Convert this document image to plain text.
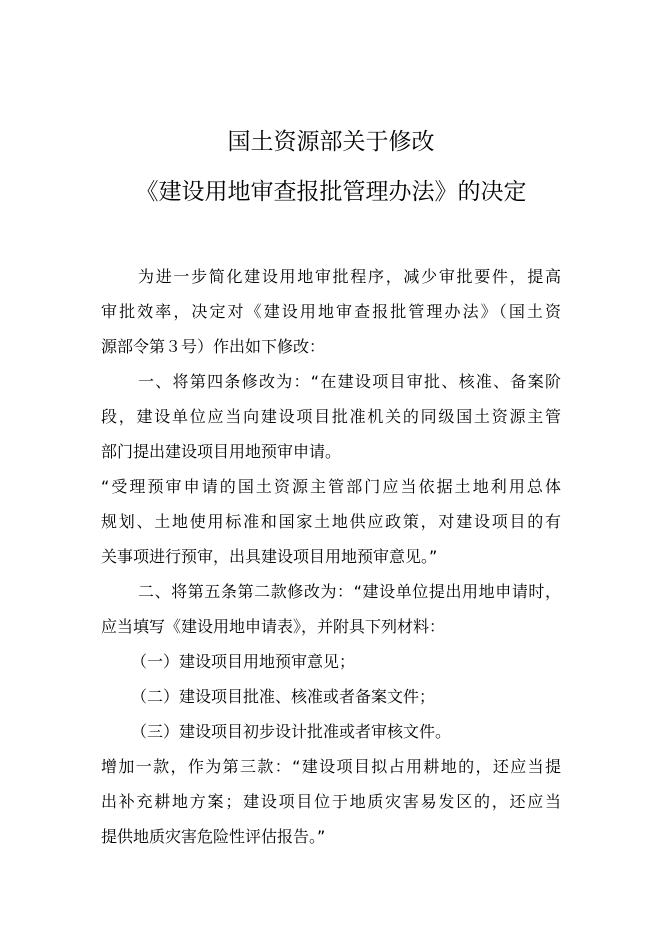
国土资源部关于修改
《建设用地审查报批管理办法》的决定
为进一步简化建设用地审批程序，减少审批要件，提高
审批效率，决定对《建设用地审查报批管理办法》（国土资
源部令第３号）作出如下修改：
一、将第四条修改为：“在建设项目审批、核准、备案阶
段，建设单位应当向建设项目批准机关的同级国土资源主管
部门提出建设项目用地预审申请。
“受理预审申请的国土资源主管部门应当依据土地利用总体
规划、土地使用标准和国家土地供应政策，对建设项目的有
关事项进行预审，出具建设项目用地预审意见。”
二、将第五条第二款修改为：“建设单位提出用地申请时，
应当填写《建设用地申请表》，并附具下列材料：
（一）建设项目用地预审意见；
（二）建设项目批准、核准或者备案文件；
（三）建设项目初步设计批准或者审核文件。
增加一款，作为第三款：“建设项目拟占用耕地的，还应当提
出补充耕地方案；建设项目位于地质灾害易发区的，还应当
提供地质灾害危险性评估报告。”
